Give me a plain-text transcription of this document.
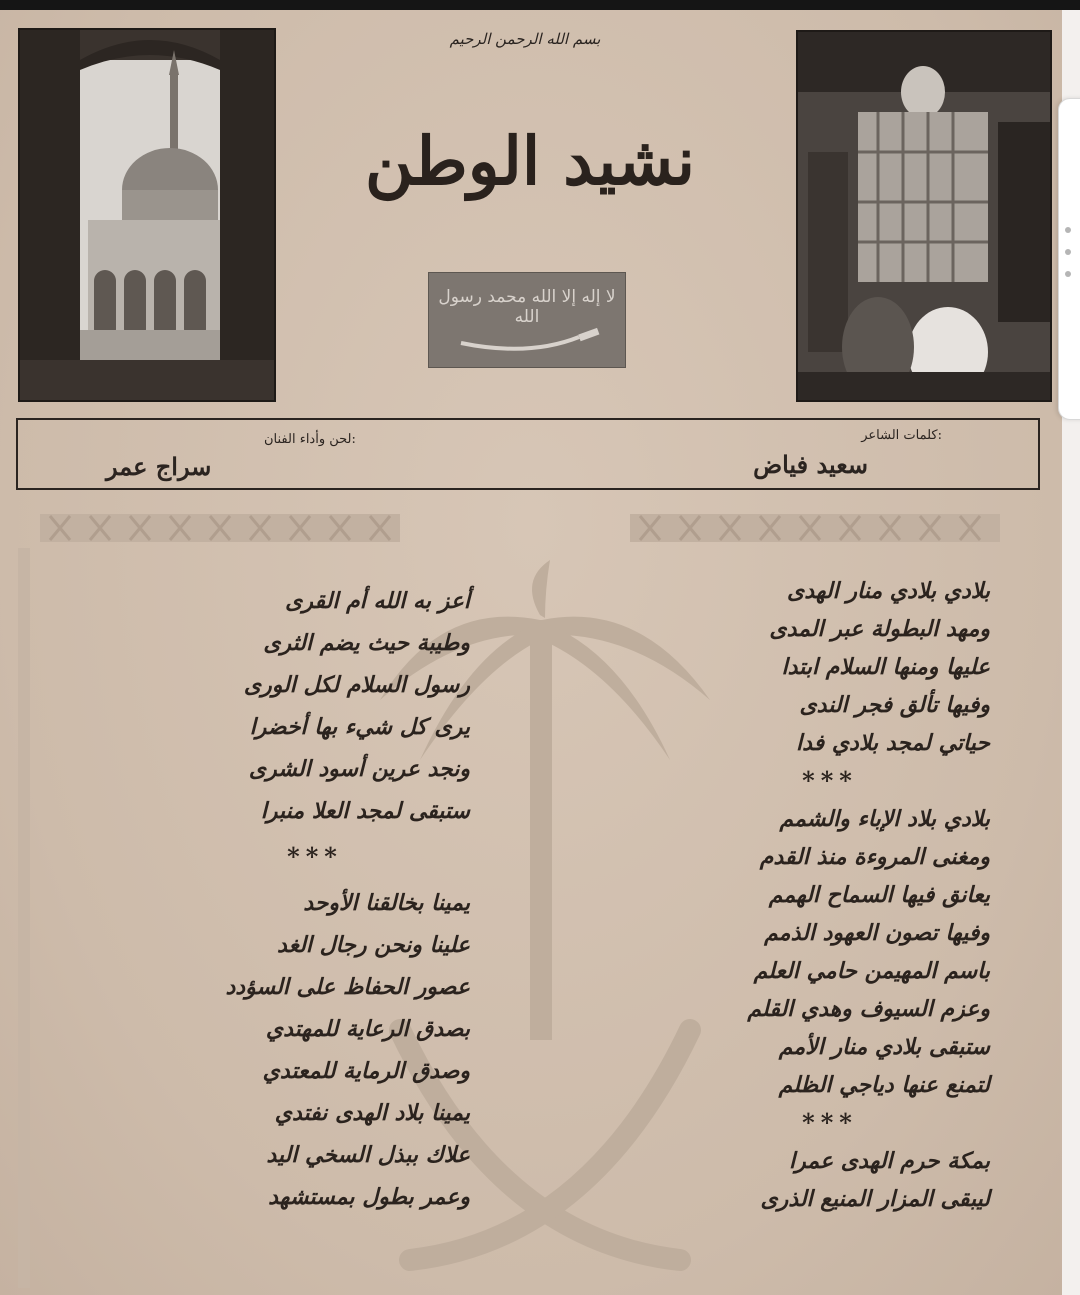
بسم الله الرحمن الرحيم
نشيد الوطن
لا إله إلا الله محمد رسول الله
كلمات الشاعر:
سعيد فياض
لحن وأداء الفنان:
سراج عمر
بلادي بلادي منار الهدى
ومهد البطولة عبر المدى
عليها ومنها السلام ابتدا
وفيها تألق فجر الندى
حياتي لمجد بلادي فدا
***
بلادي بلاد الإباء والشمم
ومغنى المروءة منذ القدم
يعانق فيها السماح الهمم
وفيها تصون العهود الذمم
باسم المهيمن حامي العلم
وعزم السيوف وهدي القلم
ستبقى بلادي منار الأمم
لتمنع عنها دياجي الظلم
***
بمكة حرم الهدى عمرا
ليبقى المزار المنيع الذرى
أعز به الله أم القرى
وطيبة حيث يضم الثرى
رسول السلام لكل الورى
يرى كل شيء بها أخضرا
ونجد عرين أسود الشرى
ستبقى لمجد العلا منبرا
***
يمينا بخالقنا الأوحد
علينا ونحن رجال الغد
عصور الحفاظ على السؤدد
بصدق الرعاية للمهتدي
وصدق الرماية للمعتدي
يمينا بلاد الهدى نفتدي
علاك ببذل السخي اليد
وعمر بطول بمستشهد
